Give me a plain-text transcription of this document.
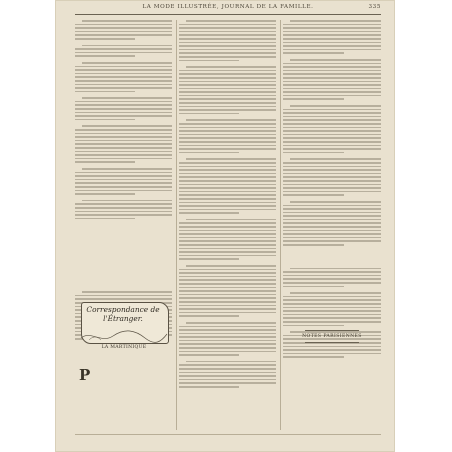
LA MODE ILLUSTRÉE, JOURNAL DE LA FAMILLE.	335
Correspondance de l'Étranger.
LA MARTINIQUE
P
NOTES PARISIENNES
